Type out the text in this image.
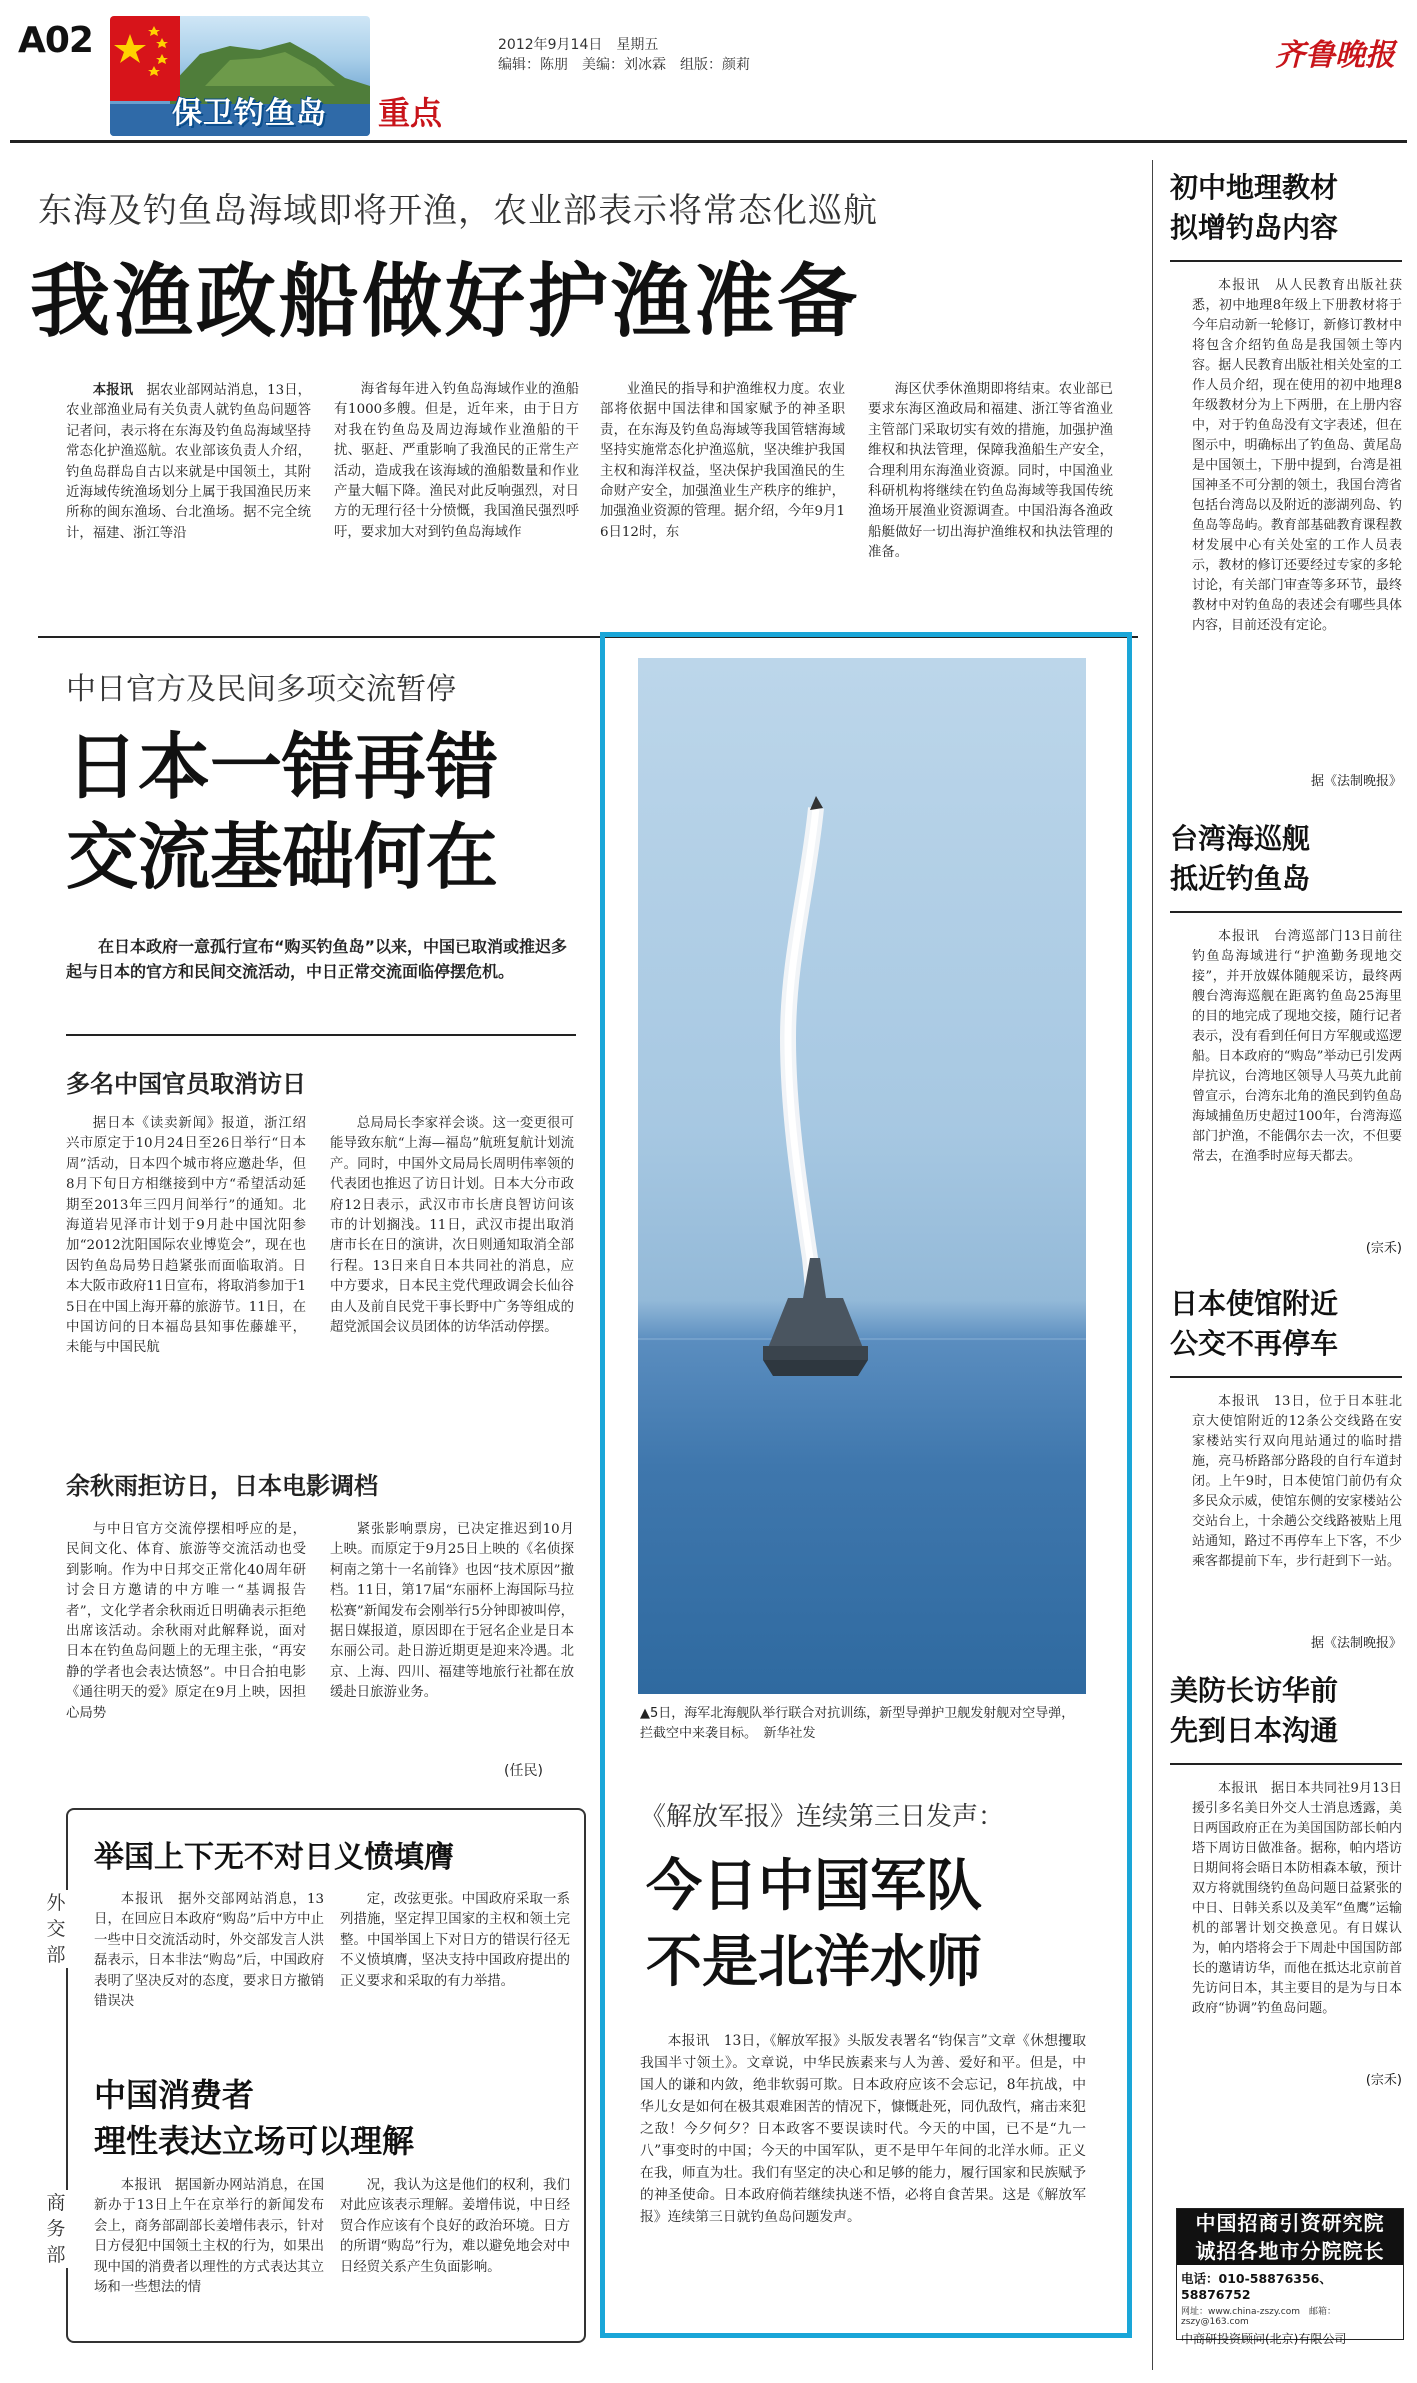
A02
保卫钓鱼岛 重点
2012年9月14日　星期五
编辑：陈朋　美编：刘冰霖　组版：颜莉	齐鲁晚报
东海及钓鱼岛海域即将开渔，农业部表示将常态化巡航
我渔政船做好护渔准备

本报讯　 据农业部网站消息，13日，农业部渔业局有关负责人就钓鱼岛问题答记者问，表示将在东海及钓鱼岛海域坚持常态化护渔巡航。农业部该负责人介绍，钓鱼岛群岛自古以来就是中国领土，其附近海域传统渔场划分上属于我国渔民历来所称的闽东渔场、台北渔场。据不完全统计，福建、浙江等沿

海省每年进入钓鱼岛海域作业的渔船有1000多艘。但是，近年来，由于日方对我在钓鱼岛及周边海域作业渔船的干扰、驱赶、严重影响了我渔民的正常生产活动，造成我在该海域的渔船数量和作业产量大幅下降。渔民对此反响强烈，对日方的无理行径十分愤慨，我国渔民强烈呼吁，要求加大对到钓鱼岛海域作

业渔民的指导和护渔维权力度。农业部将依据中国法律和国家赋予的神圣职责，在东海及钓鱼岛海域等我国管辖海域坚持实施常态化护渔巡航，坚决维护我国主权和海洋权益，坚决保护我国渔民的生命财产安全，加强渔业生产秩序的维护，加强渔业资源的管理。据介绍，今年9月16日12时，东

海区伏季休渔期即将结束。农业部已要求东海区渔政局和福建、浙江等省渔业主管部门采取切实有效的措施，加强护渔维权和执法管理，保障我渔船生产安全，合理利用东海渔业资源。同时，中国渔业科研机构将继续在钓鱼岛海域等我国传统渔场开展渔业资源调查。中国沿海各渔政船艇做好一切出海护渔维权和执法管理的准备。

中日官方及民间多项交流暂停
日本一错再错
交流基础何在
在日本政府一意孤行宣布“购买钓鱼岛”以来，中国已取消或推迟多起与日本的官方和民间交流活动，中日正常交流面临停摆危机。
多名中国官员取消访日

据日本《读卖新闻》报道，浙江绍兴市原定于10月24日至26日举行“日本周”活动，日本四个城市将应邀赴华，但8月下旬日方相继接到中方“希望活动延期至2013年三四月间举行”的通知。北海道岩见泽市计划于9月赴中国沈阳参加“2012沈阳国际农业博览会”，现在也因钓鱼岛局势日趋紧张而面临取消。日本大阪市政府11日宣布，将取消参加于15日在中国上海开幕的旅游节。11日，在中国访问的日本福岛县知事佐藤雄平，未能与中国民航

总局局长李家祥会谈。这一変更很可能导致东航“上海—福岛”航班复航计划流产。同时，中国外文局局长周明伟率领的代表团也推迟了访日计划。日本大分市政府12日表示，武汉市市长唐良智访问该市的计划搁浅。11日，武汉市提出取消唐市长在日的演讲，次日则通知取消全部行程。13日来自日本共同社的消息，应中方要求，日本民主党代理政调会长仙谷由人及前自民党干事长野中广务等组成的超党派国会议员团体的访华活动停摆。

余秋雨拒访日，日本电影调档

与中日官方交流停摆相呼应的是，民间文化、体育、旅游等交流活动也受到影响。作为中日邦交正常化40周年研讨会日方邀请的中方唯一“基调报告者”，文化学者余秋雨近日明确表示拒绝出席该活动。余秋雨对此解释说，面对日本在钓鱼岛问题上的无理主张，“再安静的学者也会表达愤怒”。中日合拍电影《通往明天的爱》原定在9月上映，因担心局势

紧张影响票房，已决定推迟到10月上映。而原定于9月25日上映的《名侦探柯南之第十一名前锋》也因“技术原因”撤档。11日，第17届“东丽杯上海国际马拉松赛”新闻发布会刚举行5分钟即被叫停，据日媒报道，原因即在于冠名企业是日本东丽公司。赴日游近期更是迎来冷遇。北京、上海、四川、福建等地旅行社都在放缓赴日旅游业务。

(任民)
外交部
商务部
举国上下无不对日义愤填膺

本报讯　据外交部网站消息，13日，在回应日本政府“购岛”后中方中止一些中日交流活动时，外交部发言人洪磊表示，日本非法“购岛”后，中国政府表明了坚决反对的态度，要求日方撤销错误决

定，改弦更张。中国政府采取一系列措施，坚定捍卫国家的主权和领土完整。中国举国上下对日方的错误行径无不义愤填膺，坚决支持中国政府提出的正义要求和采取的有力举措。

中国消费者
理性表达立场可以理解

本报讯　据国新办网站消息，在国新办于13日上午在京举行的新闻发布会上，商务部副部长姜增伟表示，针对日方侵犯中国领土主权的行为，如果出现中国的消费者以理性的方式表达其立场和一些想法的情

况，我认为这是他们的权利，我们对此应该表示理解。姜增伟说，中日经贸合作应该有个良好的政治环境。日方的所谓“购岛”行为，难以避免地会对中日经贸关系产生负面影响。

▲5日，海军北海舰队举行联合对抗训练，新型导弹护卫舰发射舰对空导弹，拦截空中来袭目标。　新华社发
《解放军报》连续第三日发声：
今日中国军队
不是北洋水师

本报讯　13日，《解放军报》头版发表署名“钧保言”文章《休想攫取我国半寸领土》。文章说，中华民族素来与人为善、爱好和平。但是，中国人的谦和内敛，绝非软弱可欺。日本政府应该不会忘记，8年抗战，中华儿女是如何在极其艰难困苦的情况下，慷慨赴死，同仇敌忾，痛击来犯之敌！今夕何夕？日本政客不要误读时代。今天的中国，已不是“九一八”事变时的中国；今天的中国军队，更不是甲午年间的北洋水师。正义在我，师直为壮。我们有坚定的决心和足够的能力，履行国家和民族赋予的神圣使命。日本政府倘若继续执迷不悟，必将自食苦果。这是《解放军报》连续第三日就钓鱼岛问题发声。

初中地理教材
拟增钓岛内容

本报讯　从人民教育出版社获悉，初中地理8年级上下册教材将于今年启动新一轮修订，新修订教材中将包含介绍钓鱼岛是我国领土等内容。据人民教育出版社相关处室的工作人员介绍，现在使用的初中地理8年级教材分为上下两册，在上册内容中，对于钓鱼岛没有文字表述，但在图示中，明确标出了钓鱼岛、黄尾岛是中国领土，下册中提到，台湾是祖国神圣不可分割的领土，我国台湾省包括台湾岛以及附近的澎湖列岛、钓鱼岛等岛屿。教育部基础教育课程教材发展中心有关处室的工作人员表示，教材的修订还要经过专家的多轮讨论，有关部门审查等多环节，最终教材中对钓鱼岛的表述会有哪些具体内容，目前还没有定论。

据《法制晚报》
台湾海巡舰
抵近钓鱼岛

本报讯　台湾巡部门13日前往钓鱼岛海域进行“护渔勤务现地交接”，并开放媒体随舰采访，最终两艘台湾海巡舰在距离钓鱼岛25海里的目的地完成了现地交接，随行记者表示，没有看到任何日方军舰或巡逻船。日本政府的“购岛”举动已引发两岸抗议，台湾地区领导人马英九此前曾宣示，台湾东北角的渔民到钓鱼岛海域捕鱼历史超过100年，台湾海巡部门护渔，不能偶尔去一次，不但要常去，在渔季时应每天都去。

(宗禾)
日本使馆附近
公交不再停车

本报讯　13日，位于日本驻北京大使馆附近的12条公交线路在安家楼站实行双向甩站通过的临时措施，亮马桥路部分路段的自行车道封闭。上午9时，日本使馆门前仍有众多民众示威，使馆东侧的安家楼站公交站台上，十余趟公交线路被贴上甩站通知，路过不再停车上下客，不少乘客都提前下车，步行赶到下一站。

据《法制晚报》
美防长访华前
先到日本沟通

本报讯　据日本共同社9月13日援引多名美日外交人士消息透露，美日两国政府正在为美国国防部长帕内塔下周访日做准备。据称，帕内塔访日期间将会晤日本防相森本敏，预计双方将就围绕钓鱼岛问题日益紧张的中日、日韩关系以及美军“鱼鹰”运输机的部署计划交换意见。有日媒认为，帕内塔将会于下周赴中国国防部长的邀请访华，而他在抵达北京前首先访问日本，其主要目的是为与日本政府“协调”钓鱼岛问题。

(宗禾)
中国招商引资研究院
诚招各地市分院院长
电话：010-58876356、58876752
网址：www.china-zszy.com　邮箱：zszy@163.com
中商研投资顾问(北京)有限公司
